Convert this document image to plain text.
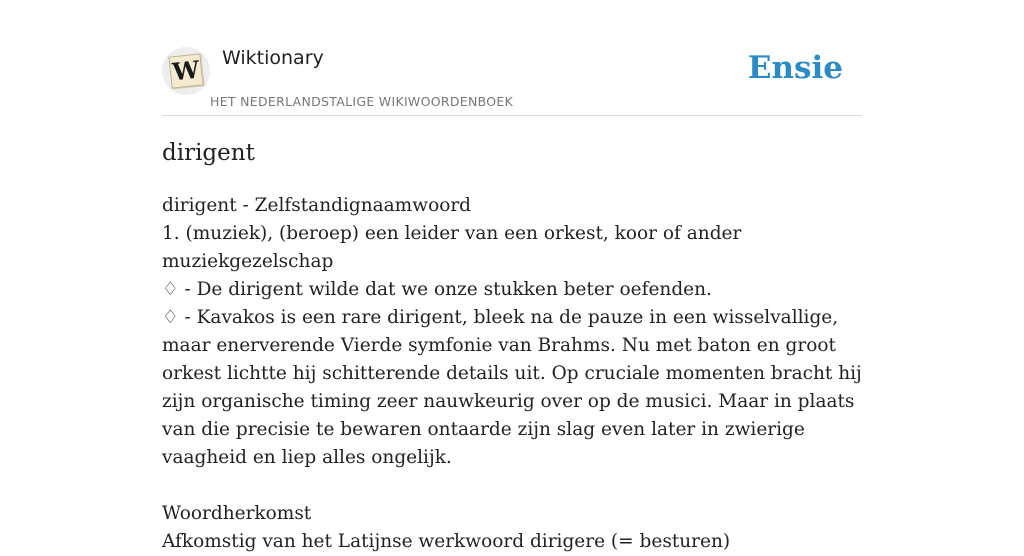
W Wiktionary
HET NEDERLANDSTALIGE WIKIWOORDENBOEK
Ensie
dirigent

dirigent - Zelfstandignaamwoord

1. (muziek), (beroep) een leider van een orkest, koor of ander muziekgezelschap

♢ - De dirigent wilde dat we onze stukken beter oefenden.

♢ - Kavakos is een rare dirigent, bleek na de pauze in een wisselvallige, maar enerverende Vierde symfonie van Brahms. Nu met baton en groot orkest lichtte hij schitterende details uit. Op cruciale momenten bracht hij zijn organische timing zeer nauwkeurig over op de musici. Maar in plaats van die precisie te bewaren ontaarde zijn slag even later in zwierige vaagheid en liep alles ongelijk.

Woordherkomst

Afkomstig van het Latijnse werkwoord dirigere (= besturen)
